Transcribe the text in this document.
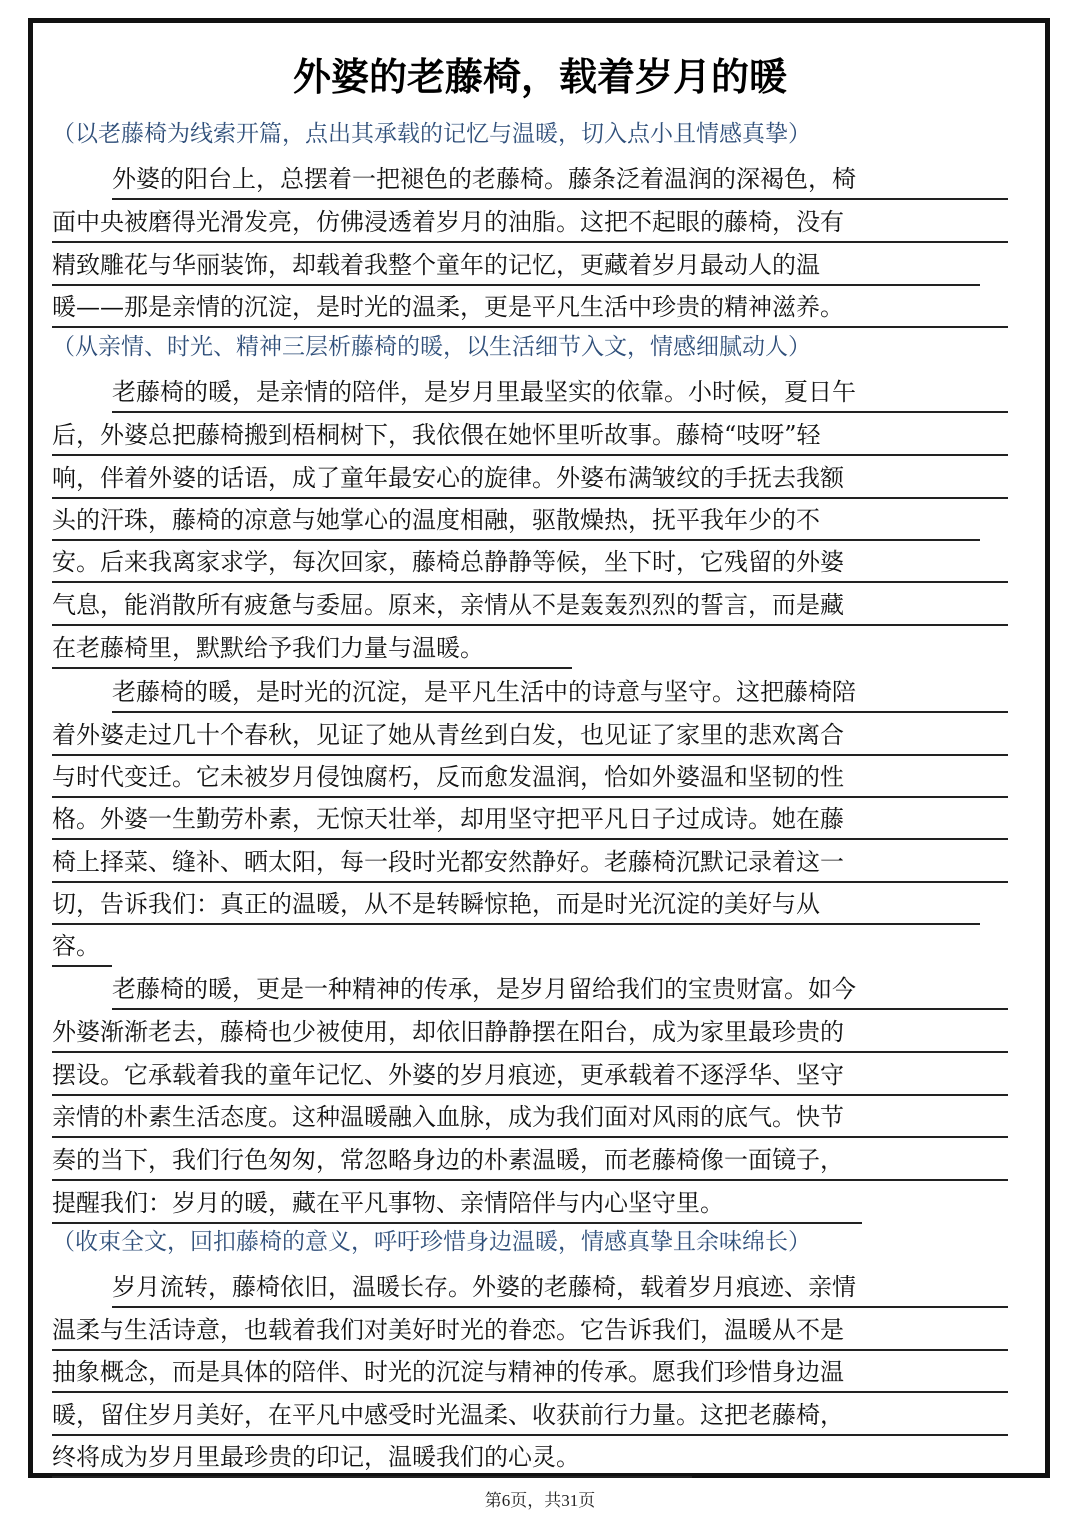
外婆的老藤椅，载着岁月的暖
（以老藤椅为线索开篇，点出其承载的记忆与温暖，切入点小且情感真挚）
外婆的阳台上，总摆着一把褪色的老藤椅。藤条泛着温润的深褐色，椅
面中央被磨得光滑发亮，仿佛浸透着岁月的油脂。这把不起眼的藤椅，没有
精致雕花与华丽装饰，却载着我整个童年的记忆，更藏着岁月最动人的温
暖——那是亲情的沉淀，是时光的温柔，更是平凡生活中珍贵的精神滋养。
（从亲情、时光、精神三层析藤椅的暖，以生活细节入文，情感细腻动人）
老藤椅的暖，是亲情的陪伴，是岁月里最坚实的依靠。小时候，夏日午
后，外婆总把藤椅搬到梧桐树下，我依偎在她怀里听故事。藤椅“吱呀”轻
响，伴着外婆的话语，成了童年最安心的旋律。外婆布满皱纹的手抚去我额
头的汗珠，藤椅的凉意与她掌心的温度相融，驱散燥热，抚平我年少的不
安。后来我离家求学，每次回家，藤椅总静静等候，坐下时，它残留的外婆
气息，能消散所有疲惫与委屈。原来，亲情从不是轰轰烈烈的誓言，而是藏
在老藤椅里，默默给予我们力量与温暖。
老藤椅的暖，是时光的沉淀，是平凡生活中的诗意与坚守。这把藤椅陪
着外婆走过几十个春秋，见证了她从青丝到白发，也见证了家里的悲欢离合
与时代变迁。它未被岁月侵蚀腐朽，反而愈发温润，恰如外婆温和坚韧的性
格。外婆一生勤劳朴素，无惊天壮举，却用坚守把平凡日子过成诗。她在藤
椅上择菜、缝补、晒太阳，每一段时光都安然静好。老藤椅沉默记录着这一
切，告诉我们：真正的温暖，从不是转瞬惊艳，而是时光沉淀的美好与从
容。
老藤椅的暖，更是一种精神的传承，是岁月留给我们的宝贵财富。如今
外婆渐渐老去，藤椅也少被使用，却依旧静静摆在阳台，成为家里最珍贵的
摆设。它承载着我的童年记忆、外婆的岁月痕迹，更承载着不逐浮华、坚守
亲情的朴素生活态度。这种温暖融入血脉，成为我们面对风雨的底气。快节
奏的当下，我们行色匆匆，常忽略身边的朴素温暖，而老藤椅像一面镜子，
提醒我们：岁月的暖，藏在平凡事物、亲情陪伴与内心坚守里。
（收束全文，回扣藤椅的意义，呼吁珍惜身边温暖，情感真挚且余味绵长）
岁月流转，藤椅依旧，温暖长存。外婆的老藤椅，载着岁月痕迹、亲情
温柔与生活诗意，也载着我们对美好时光的眷恋。它告诉我们，温暖从不是
抽象概念，而是具体的陪伴、时光的沉淀与精神的传承。愿我们珍惜身边温
暖，留住岁月美好，在平凡中感受时光温柔、收获前行力量。这把老藤椅，
终将成为岁月里最珍贵的印记，温暖我们的心灵。
第6页，共31页
